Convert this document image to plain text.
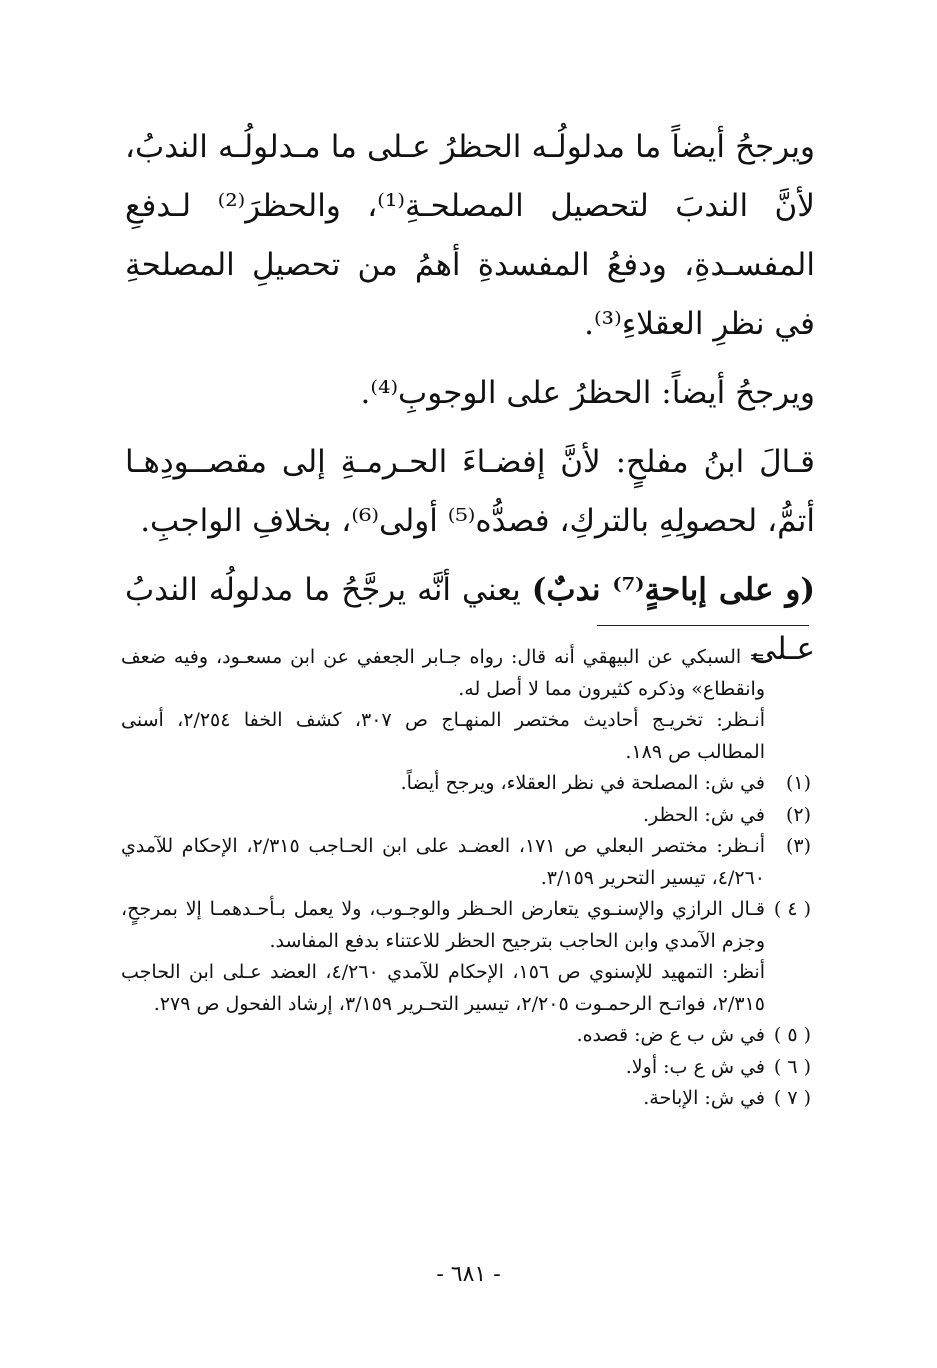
ويرجحُ أيضاً ما مدلولُـه الحظرُ عـلى ما مـدلولُـه الندبُ، لأنَّ الندبَ لتحصيل المصلحـةِ⁽¹⁾، والحظرَ⁽²⁾ لـدفعِ المفسـدةِ، ودفعُ المفسدةِ أهمُ من تحصيلِ المصلحةِ في نظرِ العقلاءِ⁽³⁾.

ويرجحُ أيضاً: الحظرُ على الوجوبِ⁽⁴⁾.

قـالَ ابنُ مفلحٍ: لأنَّ إفضـاءَ الحـرمـةِ إلى مقصــودِهـا أتمُّ، لحصولِهِ بالتركِ، فصدُّه⁽⁵⁾ أولى⁽⁶⁾، بخلافِ الواجبِ.

(و على إباحةٍ⁽⁷⁾ ندبٌ) يعني أنَّه يرجَّحُ ما مدلولُه الندبُ عـلى

= السبكي عن البيهقي أنه قال: رواه جـابر الجعفي عن ابن مسعـود، وفيه ضعف وانقطاع» وذكره كثيرون مما لا أصل له.
أنـظر: تخريـج أحاديث مختصر المنهـاج ص ٣٠٧، كشف الخفا ٢/٢٥٤، أسنى المطالب ص ١٨٩.
(١)
في ش: المصلحة في نظر العقلاء، ويرجح أيضاً.
(٢)
في ش: الحظر.
(٣)
أنـظر: مختصر البعلي ص ١٧١، العضـد على ابن الحـاجب ٢/٣١٥، الإحكام للآمدي ٤/٢٦٠، تيسير التحرير ٣/١٥٩.
( ٤ )
قـال الرازي والإسنـوي يتعارض الحـظر والوجـوب، ولا يعمل بـأحـدهمـا إلا بمرجحٍ، وجزم الآمدي وابن الحاجب بترجيح الحظر للاعتناء بدفع المفاسد.
أنظر: التمهيد للإسنوي ص ١٥٦، الإحكام للآمدي ٤/٢٦٠، العضد عـلى ابن الحاجب ٢/٣١٥، فواتـح الرحمـوت ٢/٢٠٥، تيسير التحـرير ٣/١٥٩، إرشاد الفحول ص ٢٧٩.
( ٥ )
في ش ب ع ض: قصده.
( ٦ )
في ش ع ب: أولا.
( ٧ )
في ش: الإباحة.
- ٦٨١ -
